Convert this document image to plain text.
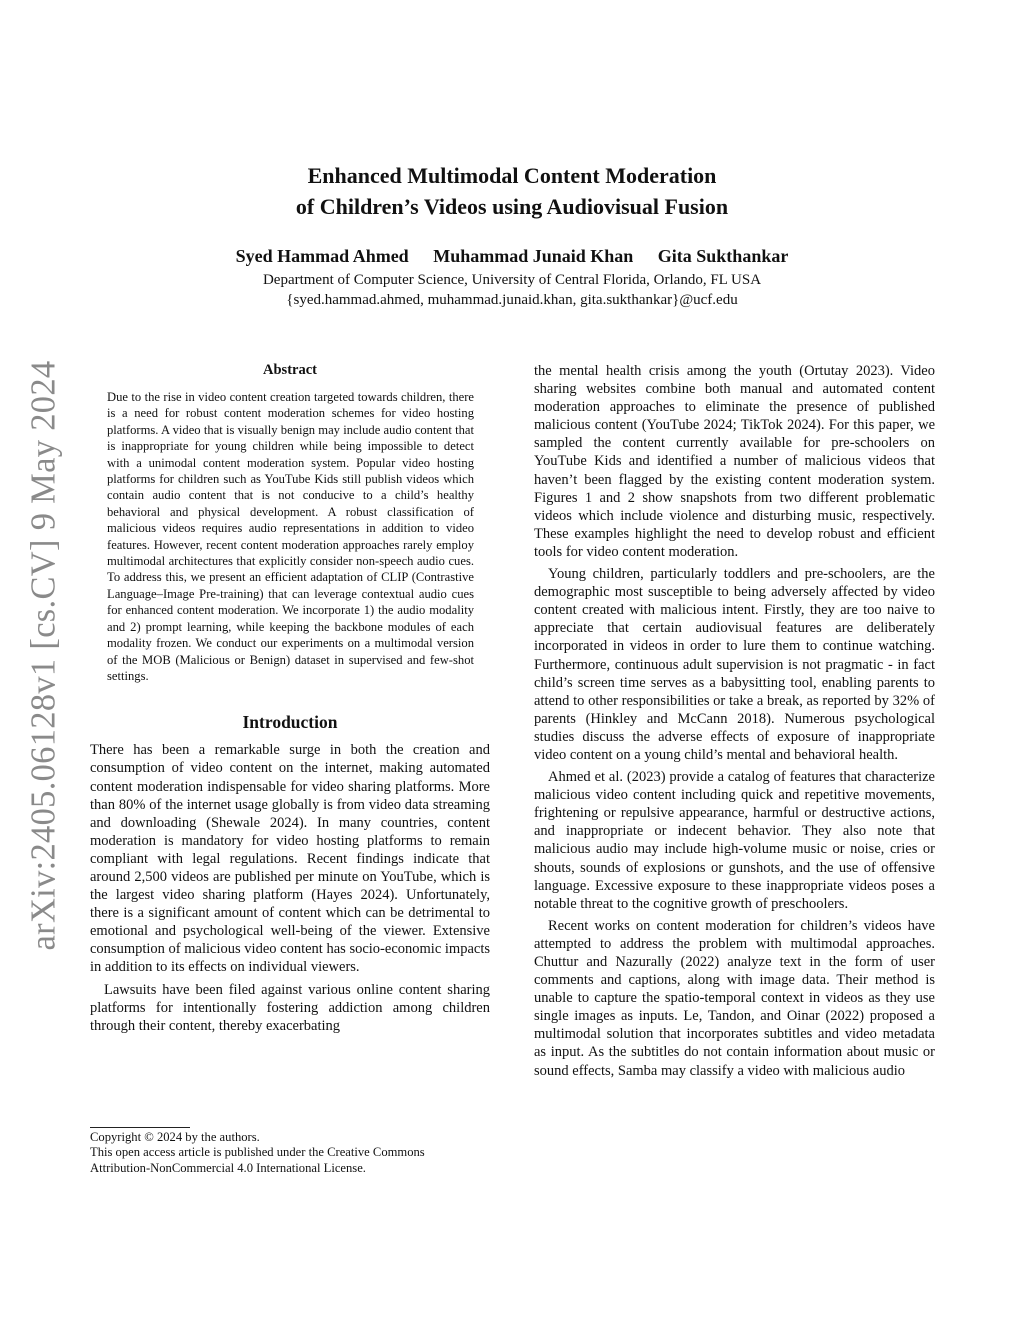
arXiv:2405.06128v1 [cs.CV] 9 May 2024
Enhanced Multimodal Content Moderation
of Children’s Videos using Audiovisual Fusion
Syed Hammad Ahmed Muhammad Junaid Khan Gita Sukthankar
Department of Computer Science, University of Central Florida, Orlando, FL USA
{syed.hammad.ahmed, muhammad.junaid.khan, gita.sukthankar}@ucf.edu
Abstract

Due to the rise in video content creation targeted towards children, there is a need for robust content moderation schemes for video hosting platforms. A video that is visually benign may include audio content that is inappropriate for young children while being impossible to detect with a unimodal content moderation system. Popular video hosting platforms for children such as YouTube Kids still publish videos which contain audio content that is not conducive to a child’s healthy behavioral and physical development. A robust classification of malicious videos requires audio representations in addition to video features. However, recent content moderation approaches rarely employ multimodal architectures that explicitly consider non-speech audio cues. To address this, we present an efficient adaptation of CLIP (Contrastive Language–Image Pre-training) that can leverage contextual audio cues for enhanced content moderation. We incorporate 1) the audio modality and 2) prompt learning, while keeping the backbone modules of each modality frozen. We conduct our experiments on a multimodal version of the MOB (Malicious or Benign) dataset in supervised and few-shot settings.

Introduction

There has been a remarkable surge in both the creation and consumption of video content on the internet, making automated content moderation indispensable for video sharing platforms. More than 80% of the internet usage globally is from video data streaming and downloading (Shewale 2024). In many countries, content moderation is mandatory for video hosting platforms to remain compliant with legal regulations. Recent findings indicate that around 2,500 videos are published per minute on YouTube, which is the largest video sharing platform (Hayes 2024). Unfortunately, there is a significant amount of content which can be detrimental to emotional and psychological well-being of the viewer. Extensive consumption of malicious video content has socio-economic impacts in addition to its effects on individual viewers.

Lawsuits have been filed against various online content sharing platforms for intentionally fostering addiction among children through their content, thereby exacerbating

the mental health crisis among the youth (Ortutay 2023). Video sharing websites combine both manual and automated content moderation approaches to eliminate the presence of published malicious content (YouTube 2024; TikTok 2024). For this paper, we sampled the content currently available for pre-schoolers on YouTube Kids and identified a number of malicious videos that haven’t been flagged by the existing content moderation system. Figures 1 and 2 show snapshots from two different problematic videos which include violence and disturbing music, respectively. These examples highlight the need to develop robust and efficient tools for video content moderation.

Young children, particularly toddlers and pre-schoolers, are the demographic most susceptible to being adversely affected by video content created with malicious intent. Firstly, they are too naive to appreciate that certain audiovisual features are deliberately incorporated in videos in order to lure them to continue watching. Furthermore, continuous adult supervision is not pragmatic - in fact child’s screen time serves as a babysitting tool, enabling parents to attend to other responsibilities or take a break, as reported by 32% of parents (Hinkley and McCann 2018). Numerous psychological studies discuss the adverse effects of exposure of inappropriate video content on a young child’s mental and behavioral health.

Ahmed et al. (2023) provide a catalog of features that characterize malicious video content including quick and repetitive movements, frightening or repulsive appearance, harmful or destructive actions, and inappropriate or indecent behavior. They also note that malicious audio may include high-volume music or noise, cries or shouts, sounds of explosions or gunshots, and the use of offensive language. Excessive exposure to these inappropriate videos poses a notable threat to the cognitive growth of preschoolers.

Recent works on content moderation for children’s videos have attempted to address the problem with multimodal approaches. Chuttur and Nazurally (2022) analyze text in the form of user comments and captions, along with image data. Their method is unable to capture the spatio-temporal context in videos as they use single images as inputs. Le, Tandon, and Oinar (2022) proposed a multimodal solution that incorporates subtitles and video metadata as input. As the subtitles do not contain information about music or sound effects, Samba may classify a video with malicious audio

Copyright © 2024 by the authors.
This open access article is published under the Creative Commons
Attribution-NonCommercial 4.0 International License.
